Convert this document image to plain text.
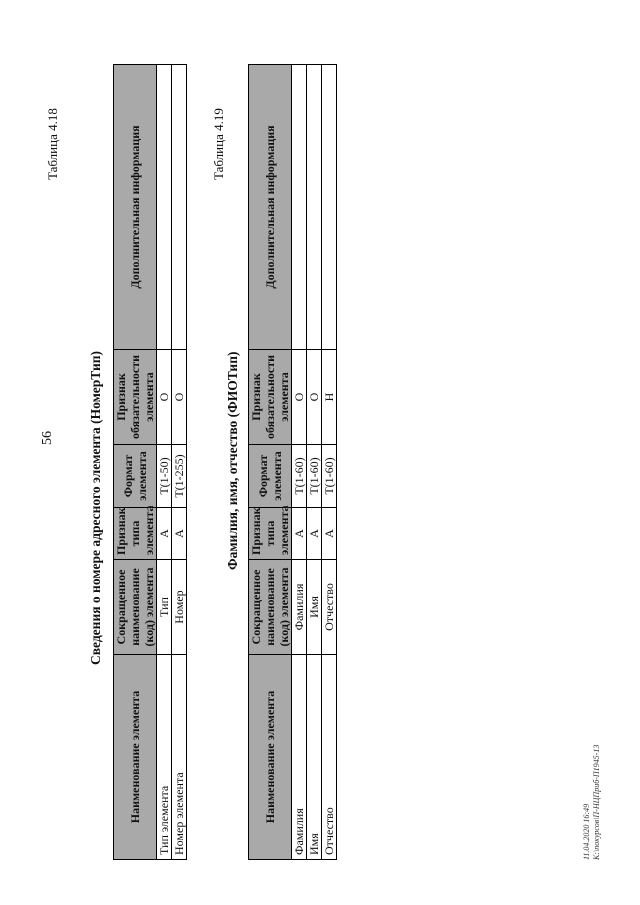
56
Таблица 4.18
Сведения о номере адресного элемента (НомерТип)
Наименование элемента	Сокращенное наименование (код) элемента	Признак типа элемента	Формат элемента	Признак обязательности элемента	Дополнительная информация
Тип элемента	Тип	А	T(1-50)	О	
Номер элемента	Номер	А	T(1-255)	О	
Таблица 4.19
Фамилия, имя, отчество (ФИОТип)
Наименование элемента	Сокращенное наименование (код) элемента	Признак типа элемента	Формат элемента	Признак обязательности элемента	Дополнительная информация
Фамилия	Фамилия	А	T(1-60)	О	
Имя	Имя	А	T(1-60)	О	
Отчество	Отчество	А	T(1-60)	Н	
11.04.2020 16:49 К:\покурсов\П-НЦПриб-П1945-13
